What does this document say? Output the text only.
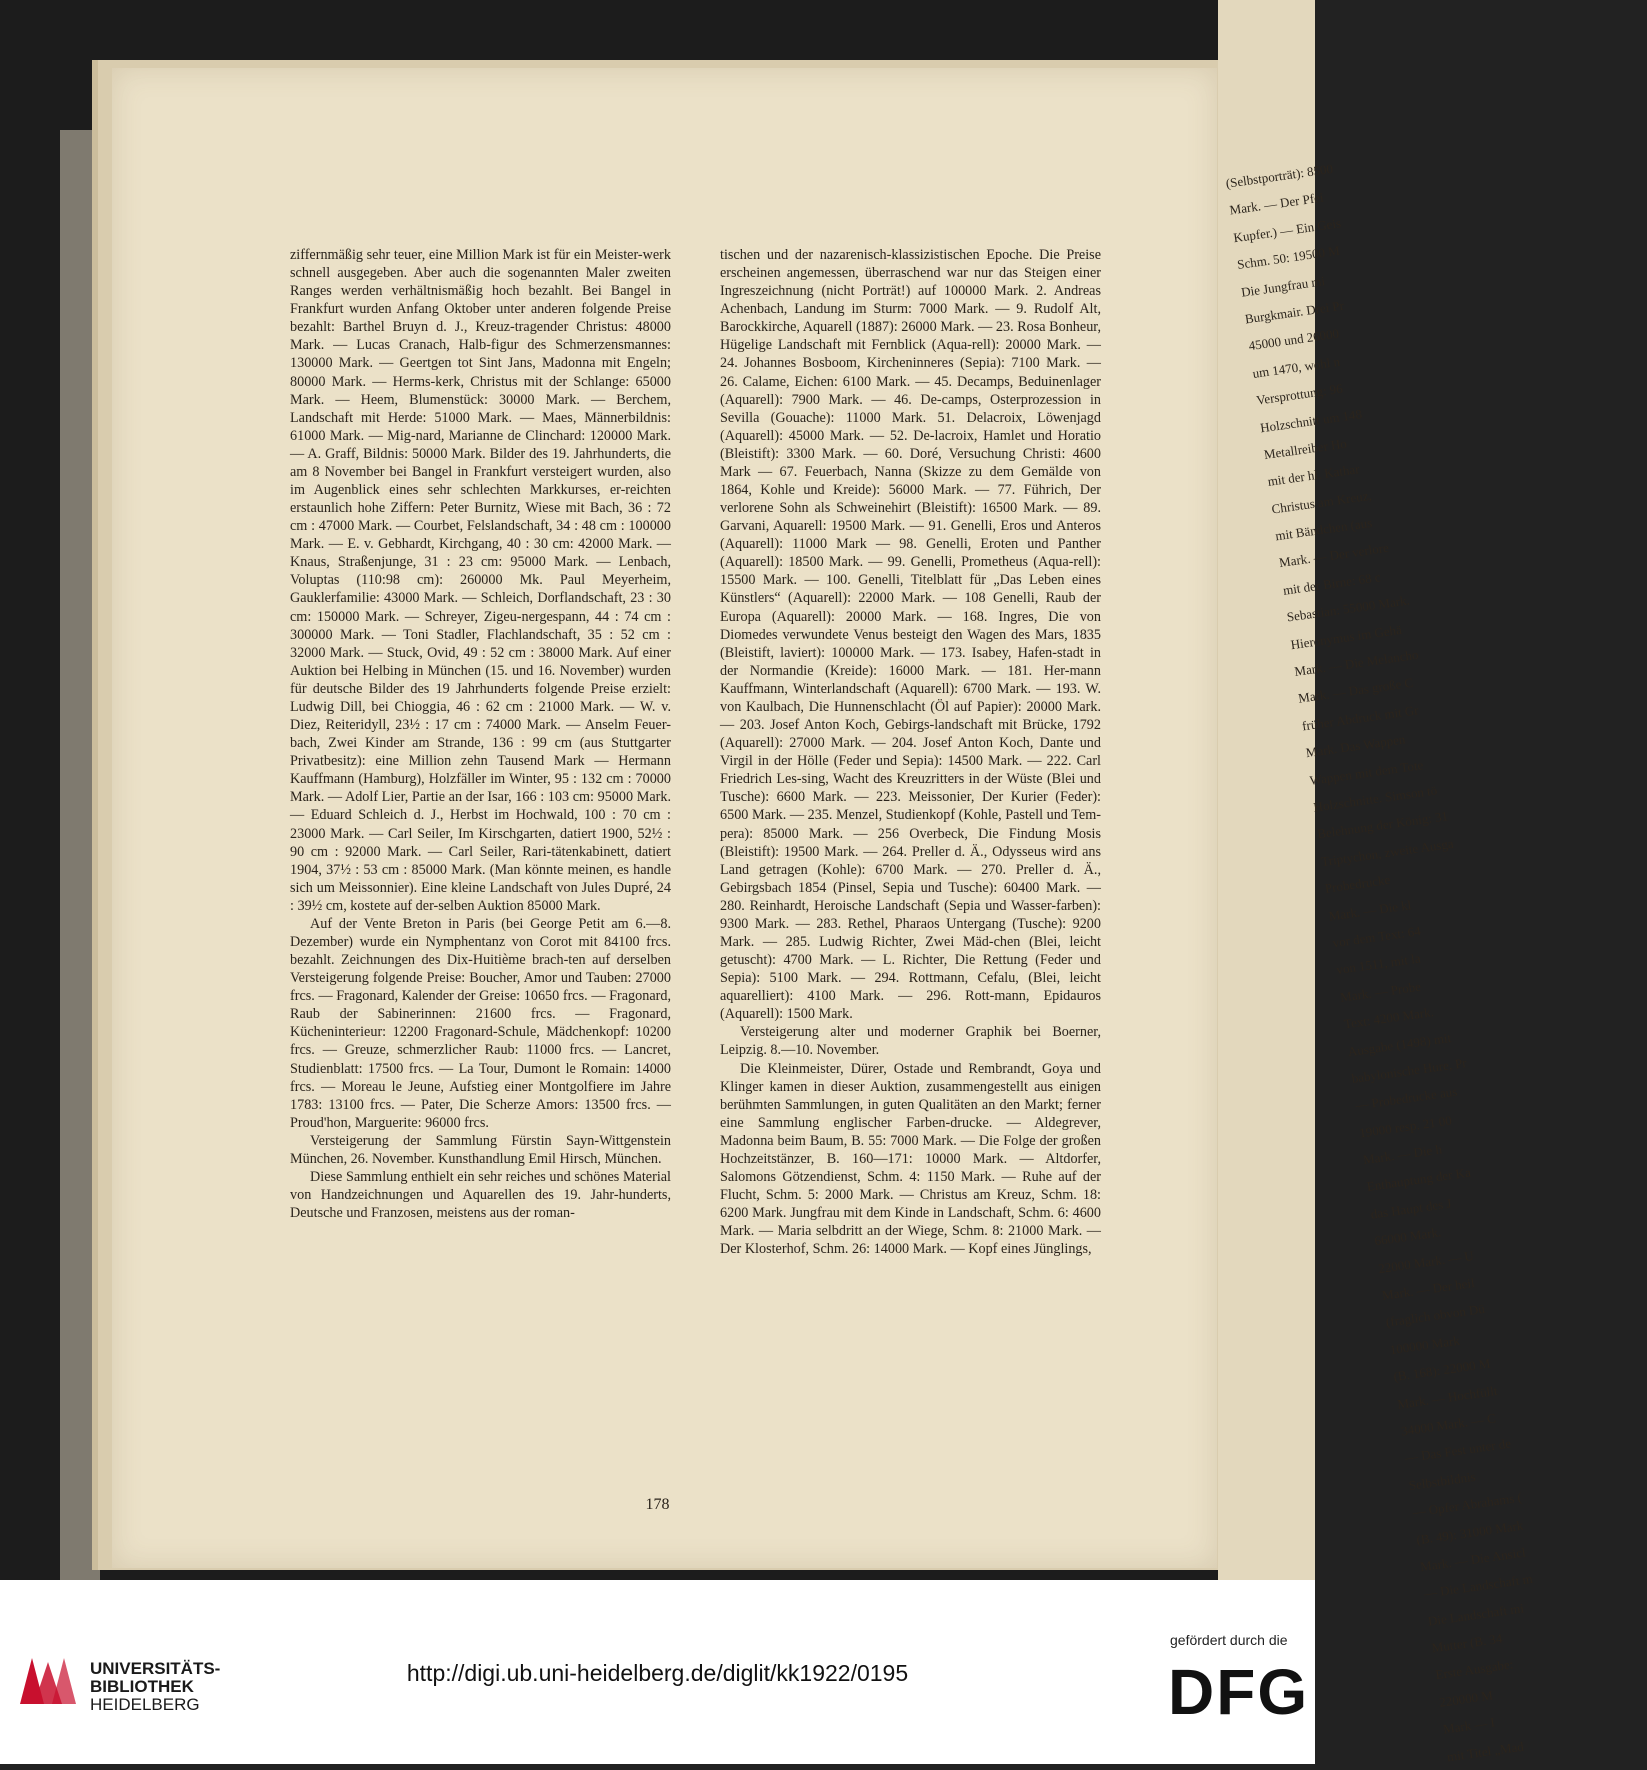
(Selbstporträt): 8500
Mark. — Der Pfei
Kupfer.) — Ein Geis
Schm. 50: 19500 M
Die Jungfrau mi
Burgkmair. Drei Pr
45000 und 26000
um 1470, wohl n
Versprottung: 96
Holzschnitt um 148
Metallreiber Ho
mit der hl. Kathar
Christus am Kreuz,
mit Bändchen (aus
Mark. — Der verlore
mit der Birne: 68 c
Sebastian: 55000 Mark.
Hieronymus im Gehä
Mark. — Die Melancho
Mark. — Das große C
früher Abdruck mit Gr
Mark. Das Wappen
Wappen mit dem Tote
Holzschnitte. Simson tö
Belehnung der König: 31
Triptychon, zweite Ausga
Probedrucke
Mark. — Die kl
vor dem Text: 64
von 1511, mit la
Mark. — Probe
Text: 4200 Mark.
Ausgabe (1498) mit
babylonische Hure, Pr
— Probedrucke aus
19000 resp. 21 00
Mark. — Die h
Enthauptung der Ka
das Haupt des J
66000 Mark.
22000 Mark. — U
Mark. — Der heil
(fraglich obvon Dü
100000 Mark
(B. 168): 22000 M
Mark. — Hochfüllt
34000 Mark. — C
— Das Fest unter de
Selbstbildnis
— Opfer Abrahams (
(B. 49): 31000 Mark
Mark. — Die Ansicl
— Die Landschaft m
Die Landschaft mi
Mutter (B. 34
Erste Ausgabe:
220000 M
Mark — I
mit Titel „Mad

ziffernmäßig sehr teuer, eine Million Mark ist für ein Meister-werk schnell ausgegeben. Aber auch die sogenannten Maler zweiten Ranges werden verhältnismäßig hoch bezahlt. Bei Bangel in Frankfurt wurden Anfang Oktober unter anderen folgende Preise bezahlt: Barthel Bruyn d. J., Kreuz-tragender Christus: 48000 Mark. — Lucas Cranach, Halb-figur des Schmerzensmannes: 130000 Mark. — Geertgen tot Sint Jans, Madonna mit Engeln; 80000 Mark. — Herms-kerk, Christus mit der Schlange: 65000 Mark. — Heem, Blumenstück: 30000 Mark. — Berchem, Landschaft mit Herde: 51000 Mark. — Maes, Männerbildnis: 61000 Mark. — Mig-nard, Marianne de Clinchard: 120000 Mark. — A. Graff, Bildnis: 50000 Mark. Bilder des 19. Jahrhunderts, die am 8 November bei Bangel in Frankfurt versteigert wurden, also im Augenblick eines sehr schlechten Markkurses, er-reichten erstaunlich hohe Ziffern: Peter Burnitz, Wiese mit Bach, 36 : 72 cm : 47000 Mark. — Courbet, Felslandschaft, 34 : 48 cm : 100000 Mark. — E. v. Gebhardt, Kirchgang, 40 : 30 cm: 42000 Mark. — Knaus, Straßenjunge, 31 : 23 cm: 95000 Mark. — Lenbach, Voluptas (110:98 cm): 260000 Mk. Paul Meyerheim, Gauklerfamilie: 43000 Mark. — Schleich, Dorflandschaft, 23 : 30 cm: 150000 Mark. — Schreyer, Zigeu-nergespann, 44 : 74 cm : 300000 Mark. — Toni Stadler, Flachlandschaft, 35 : 52 cm : 32000 Mark. — Stuck, Ovid, 49 : 52 cm : 38000 Mark. Auf einer Auktion bei Helbing in München (15. und 16. November) wurden für deutsche Bilder des 19 Jahrhunderts folgende Preise erzielt: Ludwig Dill, bei Chioggia, 46 : 62 cm : 21000 Mark. — W. v. Diez, Reiteridyll, 23½ : 17 cm : 74000 Mark. — Anselm Feuer-bach, Zwei Kinder am Strande, 136 : 99 cm (aus Stuttgarter Privatbesitz): eine Million zehn Tausend Mark — Hermann Kauffmann (Hamburg), Holzfäller im Winter, 95 : 132 cm : 70000 Mark. — Adolf Lier, Partie an der Isar, 166 : 103 cm: 95000 Mark. — Eduard Schleich d. J., Herbst im Hochwald, 100 : 70 cm : 23000 Mark. — Carl Seiler, Im Kirschgarten, datiert 1900, 52½ : 90 cm : 92000 Mark. — Carl Seiler, Rari-tätenkabinett, datiert 1904, 37½ : 53 cm : 85000 Mark. (Man könnte meinen, es handle sich um Meissonnier). Eine kleine Landschaft von Jules Dupré, 24 : 39½ cm, kostete auf der-selben Auktion 85000 Mark.

Auf der Vente Breton in Paris (bei George Petit am 6.—8. Dezember) wurde ein Nymphentanz von Corot mit 84100 frcs. bezahlt. Zeichnungen des Dix-Huitième brach-ten auf derselben Versteigerung folgende Preise: Boucher, Amor und Tauben: 27000 frcs. — Fragonard, Kalender der Greise: 10650 frcs. — Fragonard, Raub der Sabinerinnen: 21600 frcs. — Fragonard, Kücheninterieur: 12200 Fragonard-Schule, Mädchenkopf: 10200 frcs. — Greuze, schmerzlicher Raub: 11000 frcs. — Lancret, Studienblatt: 17500 frcs. — La Tour, Dumont le Romain: 14000 frcs. — Moreau le Jeune, Aufstieg einer Montgolfiere im Jahre 1783: 13100 frcs. — Pater, Die Scherze Amors: 13500 frcs. — Proud'hon, Marguerite: 96000 frcs.

Versteigerung der Sammlung Fürstin Sayn-Wittgenstein München, 26. November. Kunsthandlung Emil Hirsch, München.

Diese Sammlung enthielt ein sehr reiches und schönes Material von Handzeichnungen und Aquarellen des 19. Jahr-hunderts, Deutsche und Franzosen, meistens aus der roman-

tischen und der nazarenisch-klassizistischen Epoche. Die Preise erscheinen angemessen, überraschend war nur das Steigen einer Ingreszeichnung (nicht Porträt!) auf 100000 Mark. 2. Andreas Achenbach, Landung im Sturm: 7000 Mark. — 9. Rudolf Alt, Barockkirche, Aquarell (1887): 26000 Mark. — 23. Rosa Bonheur, Hügelige Landschaft mit Fernblick (Aqua-rell): 20000 Mark. — 24. Johannes Bosboom, Kircheninneres (Sepia): 7100 Mark. — 26. Calame, Eichen: 6100 Mark. — 45. Decamps, Beduinenlager (Aquarell): 7900 Mark. — 46. De-camps, Osterprozession in Sevilla (Gouache): 11000 Mark. 51. Delacroix, Löwenjagd (Aquarell): 45000 Mark. — 52. De-lacroix, Hamlet und Horatio (Bleistift): 3300 Mark. — 60. Doré, Versuchung Christi: 4600 Mark — 67. Feuerbach, Nanna (Skizze zu dem Gemälde von 1864, Kohle und Kreide): 56000 Mark. — 77. Führich, Der verlorene Sohn als Schweinehirt (Bleistift): 16500 Mark. — 89. Garvani, Aquarell: 19500 Mark. — 91. Genelli, Eros und Anteros (Aquarell): 11000 Mark — 98. Genelli, Eroten und Panther (Aquarell): 18500 Mark. — 99. Genelli, Prometheus (Aqua-rell): 15500 Mark. — 100. Genelli, Titelblatt für „Das Leben eines Künstlers“ (Aquarell): 22000 Mark. — 108 Genelli, Raub der Europa (Aquarell): 20000 Mark. — 168. Ingres, Die von Diomedes verwundete Venus besteigt den Wagen des Mars, 1835 (Bleistift, laviert): 100000 Mark. — 173. Isabey, Hafen-stadt in der Normandie (Kreide): 16000 Mark. — 181. Her-mann Kauffmann, Winterlandschaft (Aquarell): 6700 Mark. — 193. W. von Kaulbach, Die Hunnenschlacht (Öl auf Papier): 20000 Mark. — 203. Josef Anton Koch, Gebirgs-landschaft mit Brücke, 1792 (Aquarell): 27000 Mark. — 204. Josef Anton Koch, Dante und Virgil in der Hölle (Feder und Sepia): 14500 Mark. — 222. Carl Friedrich Les-sing, Wacht des Kreuzritters in der Wüste (Blei und Tusche): 6600 Mark. — 223. Meissonier, Der Kurier (Feder): 6500 Mark. — 235. Menzel, Studienkopf (Kohle, Pastell und Tem-pera): 85000 Mark. — 256 Overbeck, Die Findung Mosis (Bleistift): 19500 Mark. — 264. Preller d. Ä., Odysseus wird ans Land getragen (Kohle): 6700 Mark. — 270. Preller d. Ä., Gebirgsbach 1854 (Pinsel, Sepia und Tusche): 60400 Mark. — 280. Reinhardt, Heroische Landschaft (Sepia und Wasser-farben): 9300 Mark. — 283. Rethel, Pharaos Untergang (Tusche): 9200 Mark. — 285. Ludwig Richter, Zwei Mäd-chen (Blei, leicht getuscht): 4700 Mark. — L. Richter, Die Rettung (Feder und Sepia): 5100 Mark. — 294. Rottmann, Cefalu, (Blei, leicht aquarelliert): 4100 Mark. — 296. Rott-mann, Epidauros (Aquarell): 1500 Mark.

Versteigerung alter und moderner Graphik bei Boerner, Leipzig. 8.—10. November.

Die Kleinmeister, Dürer, Ostade und Rembrandt, Goya und Klinger kamen in dieser Auktion, zusammengestellt aus einigen berühmten Sammlungen, in guten Qualitäten an den Markt; ferner eine Sammlung englischer Farben-drucke. — Aldegrever, Madonna beim Baum, B. 55: 7000 Mark. — Die Folge der großen Hochzeitstänzer, B. 160—171: 10000 Mark. — Altdorfer, Salomons Götzendienst, Schm. 4: 1150 Mark. — Ruhe auf der Flucht, Schm. 5: 2000 Mark. — Christus am Kreuz, Schm. 18: 6200 Mark. Jungfrau mit dem Kinde in Landschaft, Schm. 6: 4600 Mark. — Maria selbdritt an der Wiege, Schm. 8: 21000 Mark. — Der Klosterhof, Schm. 26: 14000 Mark. — Kopf eines Jünglings,

178
UNIVERSITÄTS-
BIBLIOTHEK
HEIDELBERG
http://digi.ub.uni-heidelberg.de/diglit/kk1922/0195
gefördert durch die
DFG
